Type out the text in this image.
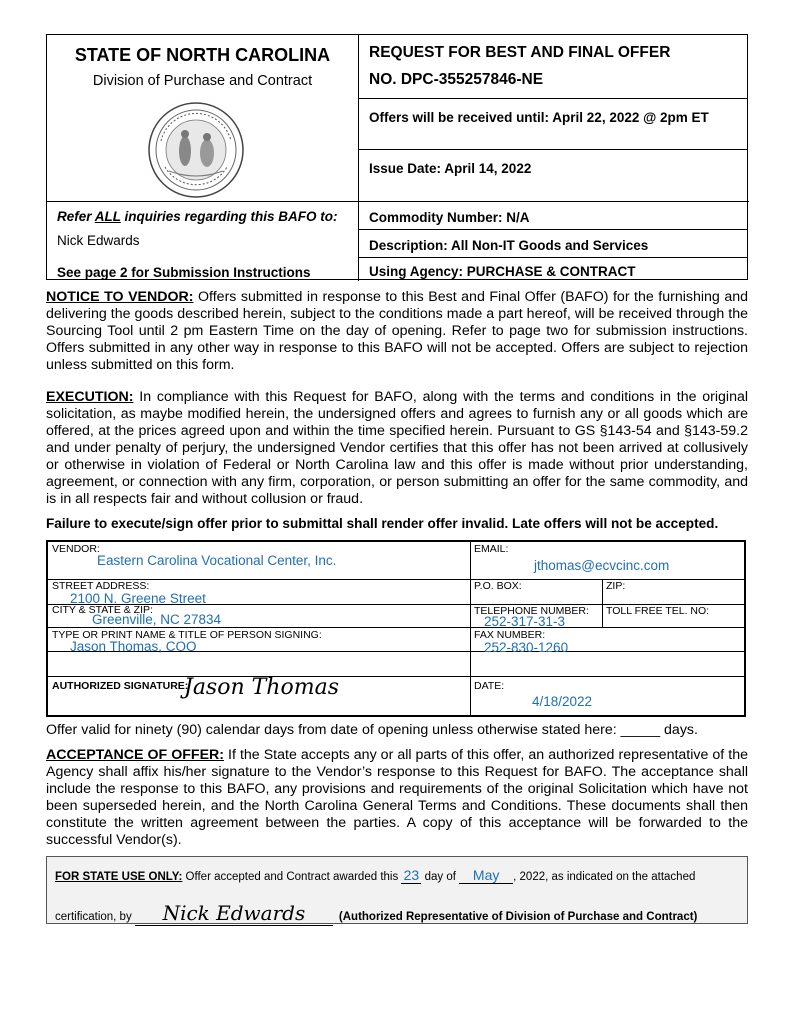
STATE OF NORTH CAROLINA
Division of Purchase and Contract
REQUEST FOR BEST AND FINAL OFFER
NO. DPC-355257846-NE
Offers will be received until: April 22, 2022 @ 2pm ET
Issue Date: April 14, 2022
Refer ALL inquiries regarding this BAFO to:
Nick Edwards
See page 2 for Submission Instructions
Commodity Number: N/A
Description: All Non-IT Goods and Services
Using Agency: PURCHASE & CONTRACT

NOTICE TO VENDOR: Offers submitted in response to this Best and Final Offer (BAFO) for the furnishing and delivering the goods described herein, subject to the conditions made a part hereof, will be received through the Sourcing Tool until 2 pm Eastern Time on the day of opening. Refer to page two for submission instructions. Offers submitted in any other way in response to this BAFO will not be accepted. Offers are subject to rejection unless submitted on this form.

EXECUTION: In compliance with this Request for BAFO, along with the terms and conditions in the original solicitation, as maybe modified herein, the undersigned offers and agrees to furnish any or all goods which are offered, at the prices agreed upon and within the time specified herein. Pursuant to GS §143-54 and §143-59.2 and under penalty of perjury, the undersigned Vendor certifies that this offer has not been arrived at collusively or otherwise in violation of Federal or North Carolina law and this offer is made without prior understanding, agreement, or connection with any firm, corporation, or person submitting an offer for the same commodity, and is in all respects fair and without collusion or fraud.

Failure to execute/sign offer prior to submittal shall render offer invalid. Late offers will not be accepted.
VENDOR:
Eastern Carolina Vocational Center, Inc.
EMAIL:
jthomas@ecvcinc.com
STREET ADDRESS:
2100 N. Greene Street
P.O. BOX:	ZIP:
CITY & STATE & ZIP:
Greenville, NC 27834
TELEPHONE NUMBER:
252-317-31-3
TOLL FREE TEL. NO:
TYPE OR PRINT NAME & TITLE OF PERSON SIGNING:
Jason Thomas, COO
FAX NUMBER:
252-830-1260
AUTHORIZED SIGNATURE:
Jason Thomas	DATE:
4/18/2022
Offer valid for ninety (90) calendar days from date of opening unless otherwise stated here: _____ days.

ACCEPTANCE OF OFFER: If the State accepts any or all parts of this offer, an authorized representative of the Agency shall affix his/her signature to the Vendor’s response to this Request for BAFO. The acceptance shall include the response to this BAFO, any provisions and requirements of the original Solicitation which have not been superseded herein, and the North Carolina General Terms and Conditions. These documents shall then constitute the written agreement between the parties. A copy of this acceptance will be forwarded to the successful Vendor(s).

FOR STATE USE ONLY: Offer accepted and Contract awarded this 23 day of May , 2022, as indicated on the attached
certification, by Nick Edwards	(Authorized Representative of Division of Purchase and Contract)
